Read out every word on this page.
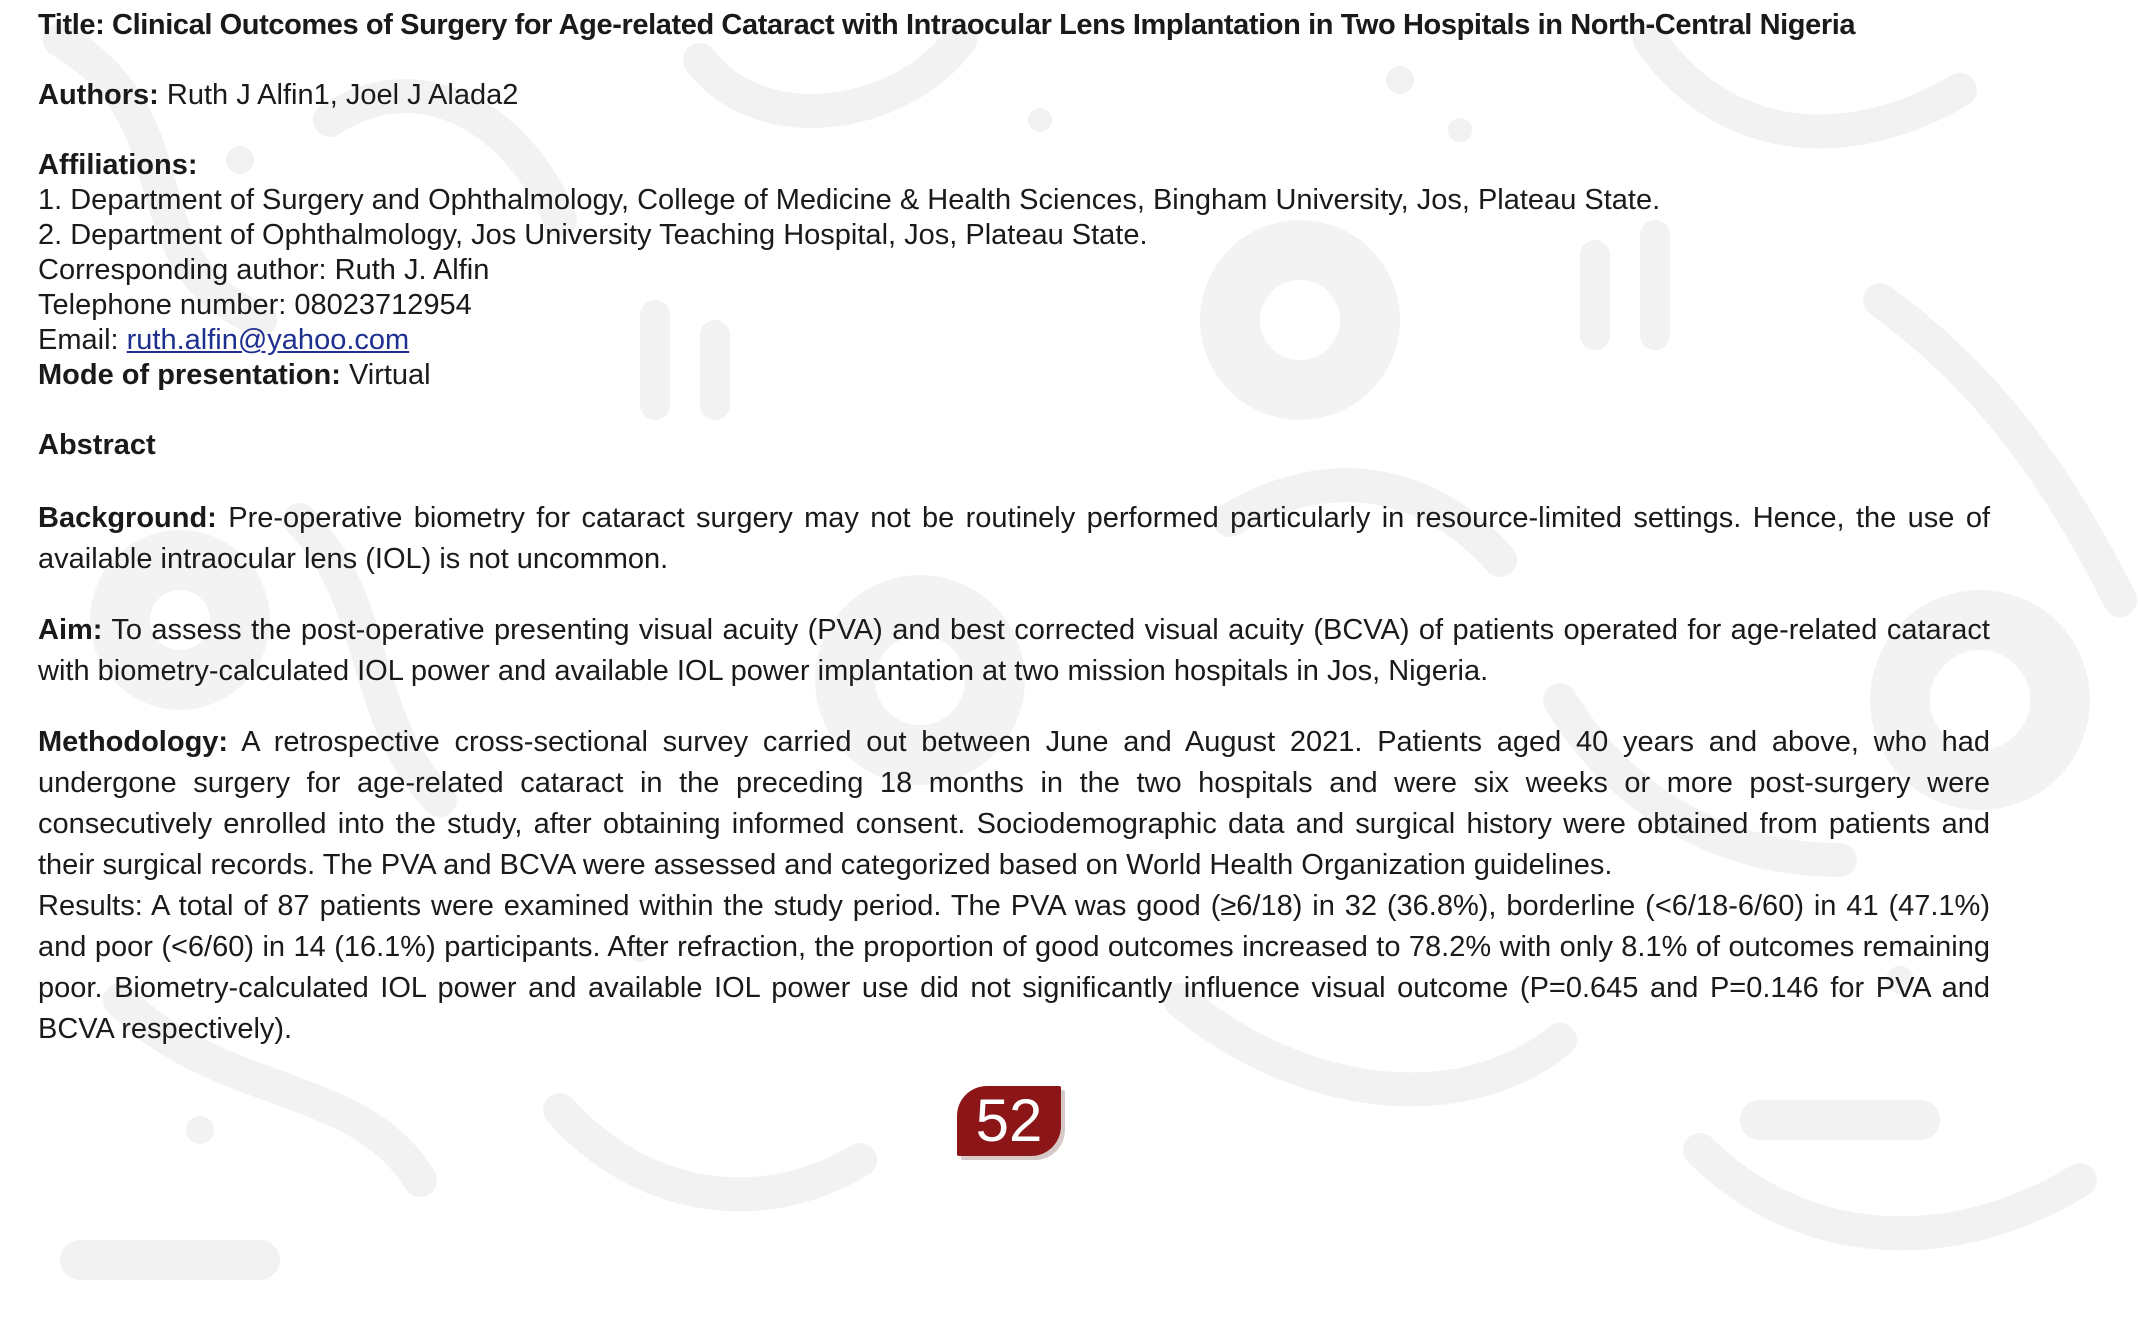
Title: Clinical Outcomes of Surgery for Age-related Cataract with Intraocular Lens Implantation in Two Hospitals in North-Central Nigeria

Authors: Ruth J Alfin1, Joel J Alada2

Affiliations:

1. Department of Surgery and Ophthalmology, College of Medicine & Health Sciences, Bingham University, Jos, Plateau State.

2. Department of Ophthalmology, Jos University Teaching Hospital, Jos, Plateau State.

Corresponding author: Ruth J. Alfin

Telephone number: 08023712954

Email: ruth.alfin@yahoo.com

Mode of presentation: Virtual

Abstract

Background: Pre-operative biometry for cataract surgery may not be routinely performed particularly in resource-limited settings. Hence, the use of available intraocular lens (IOL) is not uncommon.

Aim: To assess the post-operative presenting visual acuity (PVA) and best corrected visual acuity (BCVA) of patients operated for age-related cataract with biometry-calculated IOL power and available IOL power implantation at two mission hospitals in Jos, Nigeria.

Methodology: A retrospective cross-sectional survey carried out between June and August 2021. Patients aged 40 years and above, who had undergone surgery for age-related cataract in the preceding 18 months in the two hospitals and were six weeks or more post-surgery were consecutively enrolled into the study, after obtaining informed consent. Sociodemographic data and surgical history were obtained from patients and their surgical records. The PVA and BCVA were assessed and categorized based on World Health Organization guidelines.

Results: A total of 87 patients were examined within the study period. The PVA was good (≥6/18) in 32 (36.8%), borderline (<6/18-6/60) in 41 (47.1%) and poor (<6/60) in 14 (16.1%) participants. After refraction, the proportion of good outcomes increased to 78.2% with only 8.1% of outcomes remaining poor. Biometry-calculated IOL power and available IOL power use did not significantly influence visual outcome (P=0.645 and P=0.146 for PVA and BCVA respectively).

52
